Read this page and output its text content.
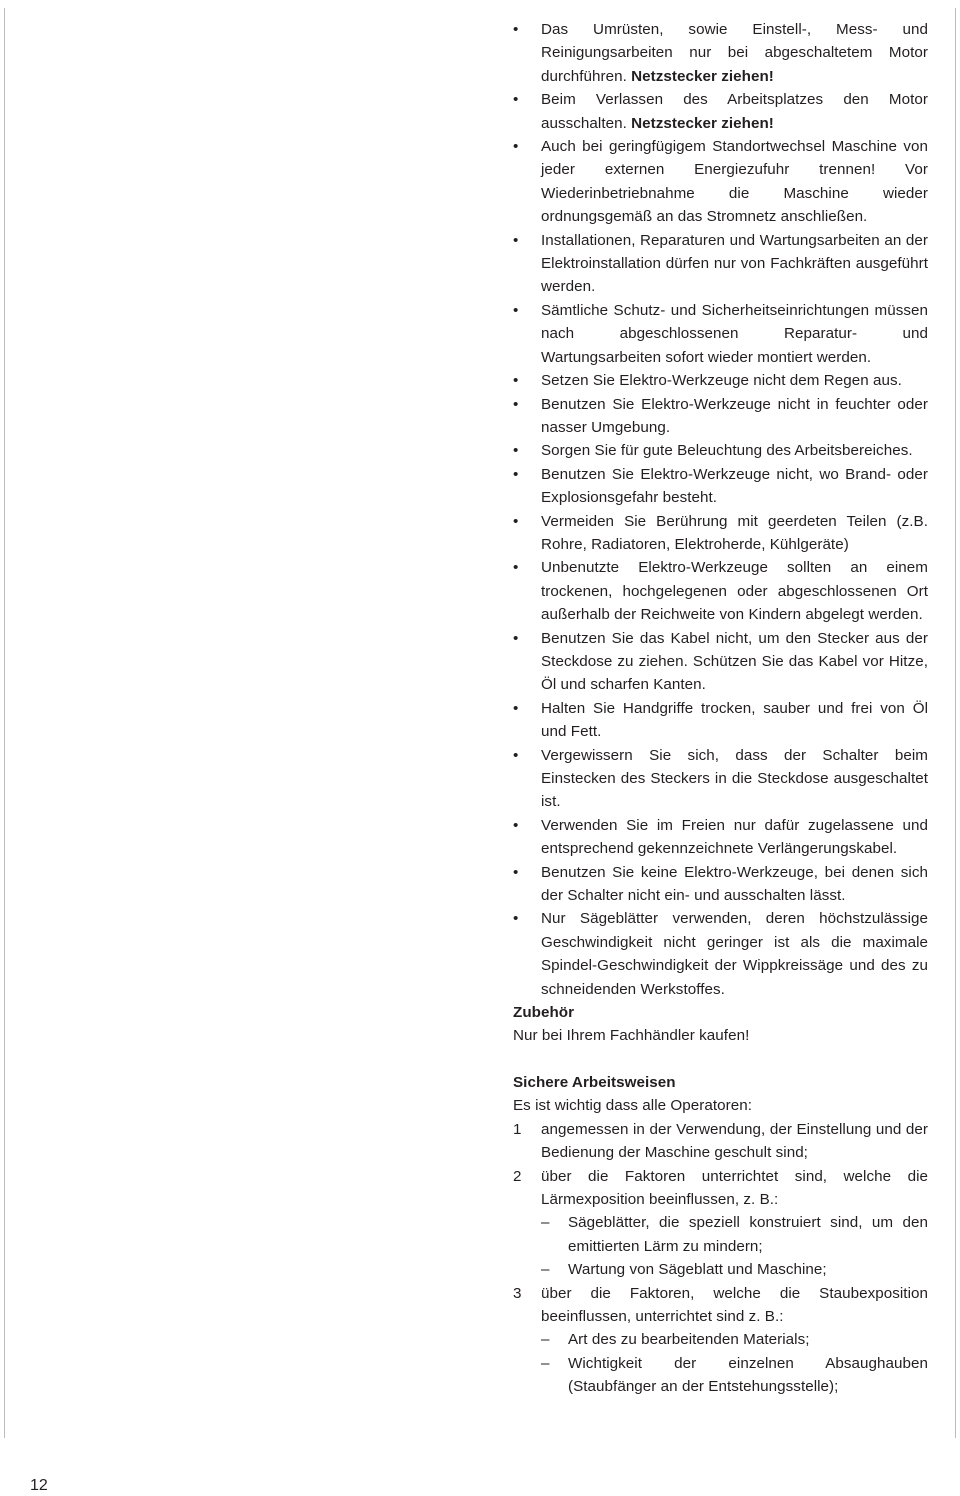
•	Das Umrüsten, sowie Einstell-, Mess- und Reinigungsarbeiten nur bei abgeschaltetem Motor durchführen. Netzstecker ziehen!
•	Beim Verlassen des Arbeitsplatzes den Motor ausschalten. Netzstecker ziehen!
•	Auch bei geringfügigem Standortwechsel Maschine von jeder externen Energiezufuhr trennen! Vor Wiederinbetriebnahme die Maschine wieder ordnungsgemäß an das Stromnetz anschließen.
•	Installationen, Reparaturen und Wartungsarbeiten an der Elektroinstallation dürfen nur von Fachkräften ausgeführt werden.
•	Sämtliche Schutz- und Sicherheitseinrichtungen müssen nach abgeschlossenen Reparatur- und Wartungsarbeiten sofort wieder montiert werden.
•	Setzen Sie Elektro-Werkzeuge nicht dem Regen aus.
•	Benutzen Sie Elektro-Werkzeuge nicht in feuchter oder nasser Umgebung.
•	Sorgen Sie für gute Beleuchtung des Arbeitsbereiches.
•	Benutzen Sie Elektro-Werkzeuge nicht, wo Brand- oder Explosionsgefahr besteht.
•	Vermeiden Sie Berührung mit geerdeten Teilen (z.B. Rohre, Radiatoren, Elektroherde, Kühlgeräte)
•	Unbenutzte Elektro-Werkzeuge sollten an einem trockenen, hochgelegenen oder abgeschlossenen Ort außerhalb der Reichweite von Kindern abgelegt werden.
•	Benutzen Sie das Kabel nicht, um den Stecker aus der Steckdose zu ziehen. Schützen Sie das Kabel vor Hitze, Öl und scharfen Kanten.
•	Halten Sie Handgriffe trocken, sauber und frei von Öl und Fett.
•	Vergewissern Sie sich, dass der Schalter beim Einstecken des Steckers in die Steckdose ausgeschaltet ist.
•	Verwenden Sie im Freien nur dafür zugelassene und entsprechend gekennzeichnete Verlängerungskabel.
•	Benutzen Sie keine Elektro-Werkzeuge, bei denen sich der Schalter nicht ein- und ausschalten lässt.
•	Nur Sägeblätter verwenden, deren höchstzulässige Geschwindigkeit nicht geringer ist als die maximale Spindel-Geschwindigkeit der Wippkreissäge und des zu schneidenden Werkstoffes.
Zubehör
Nur bei Ihrem Fachhändler kaufen!
Sichere Arbeitsweisen
Es ist wichtig dass alle Operatoren:
1	angemessen in der Verwendung, der Einstellung und der Bedienung der Maschine geschult sind;
2	über die Faktoren unterrichtet sind, welche die Lärmexposition beeinflussen, z. B.:
– Sägeblätter, die speziell konstruiert sind, um den emittierten Lärm zu mindern;
– Wartung von Sägeblatt und Maschine;
3	über die Faktoren, welche die Staubexposition beeinflussen, unterrichtet sind z. B.:
– Art des zu bearbeitenden Materials;
– Wichtigkeit der einzelnen Absaughauben (Staubfänger an der Entstehungsstelle);
12
